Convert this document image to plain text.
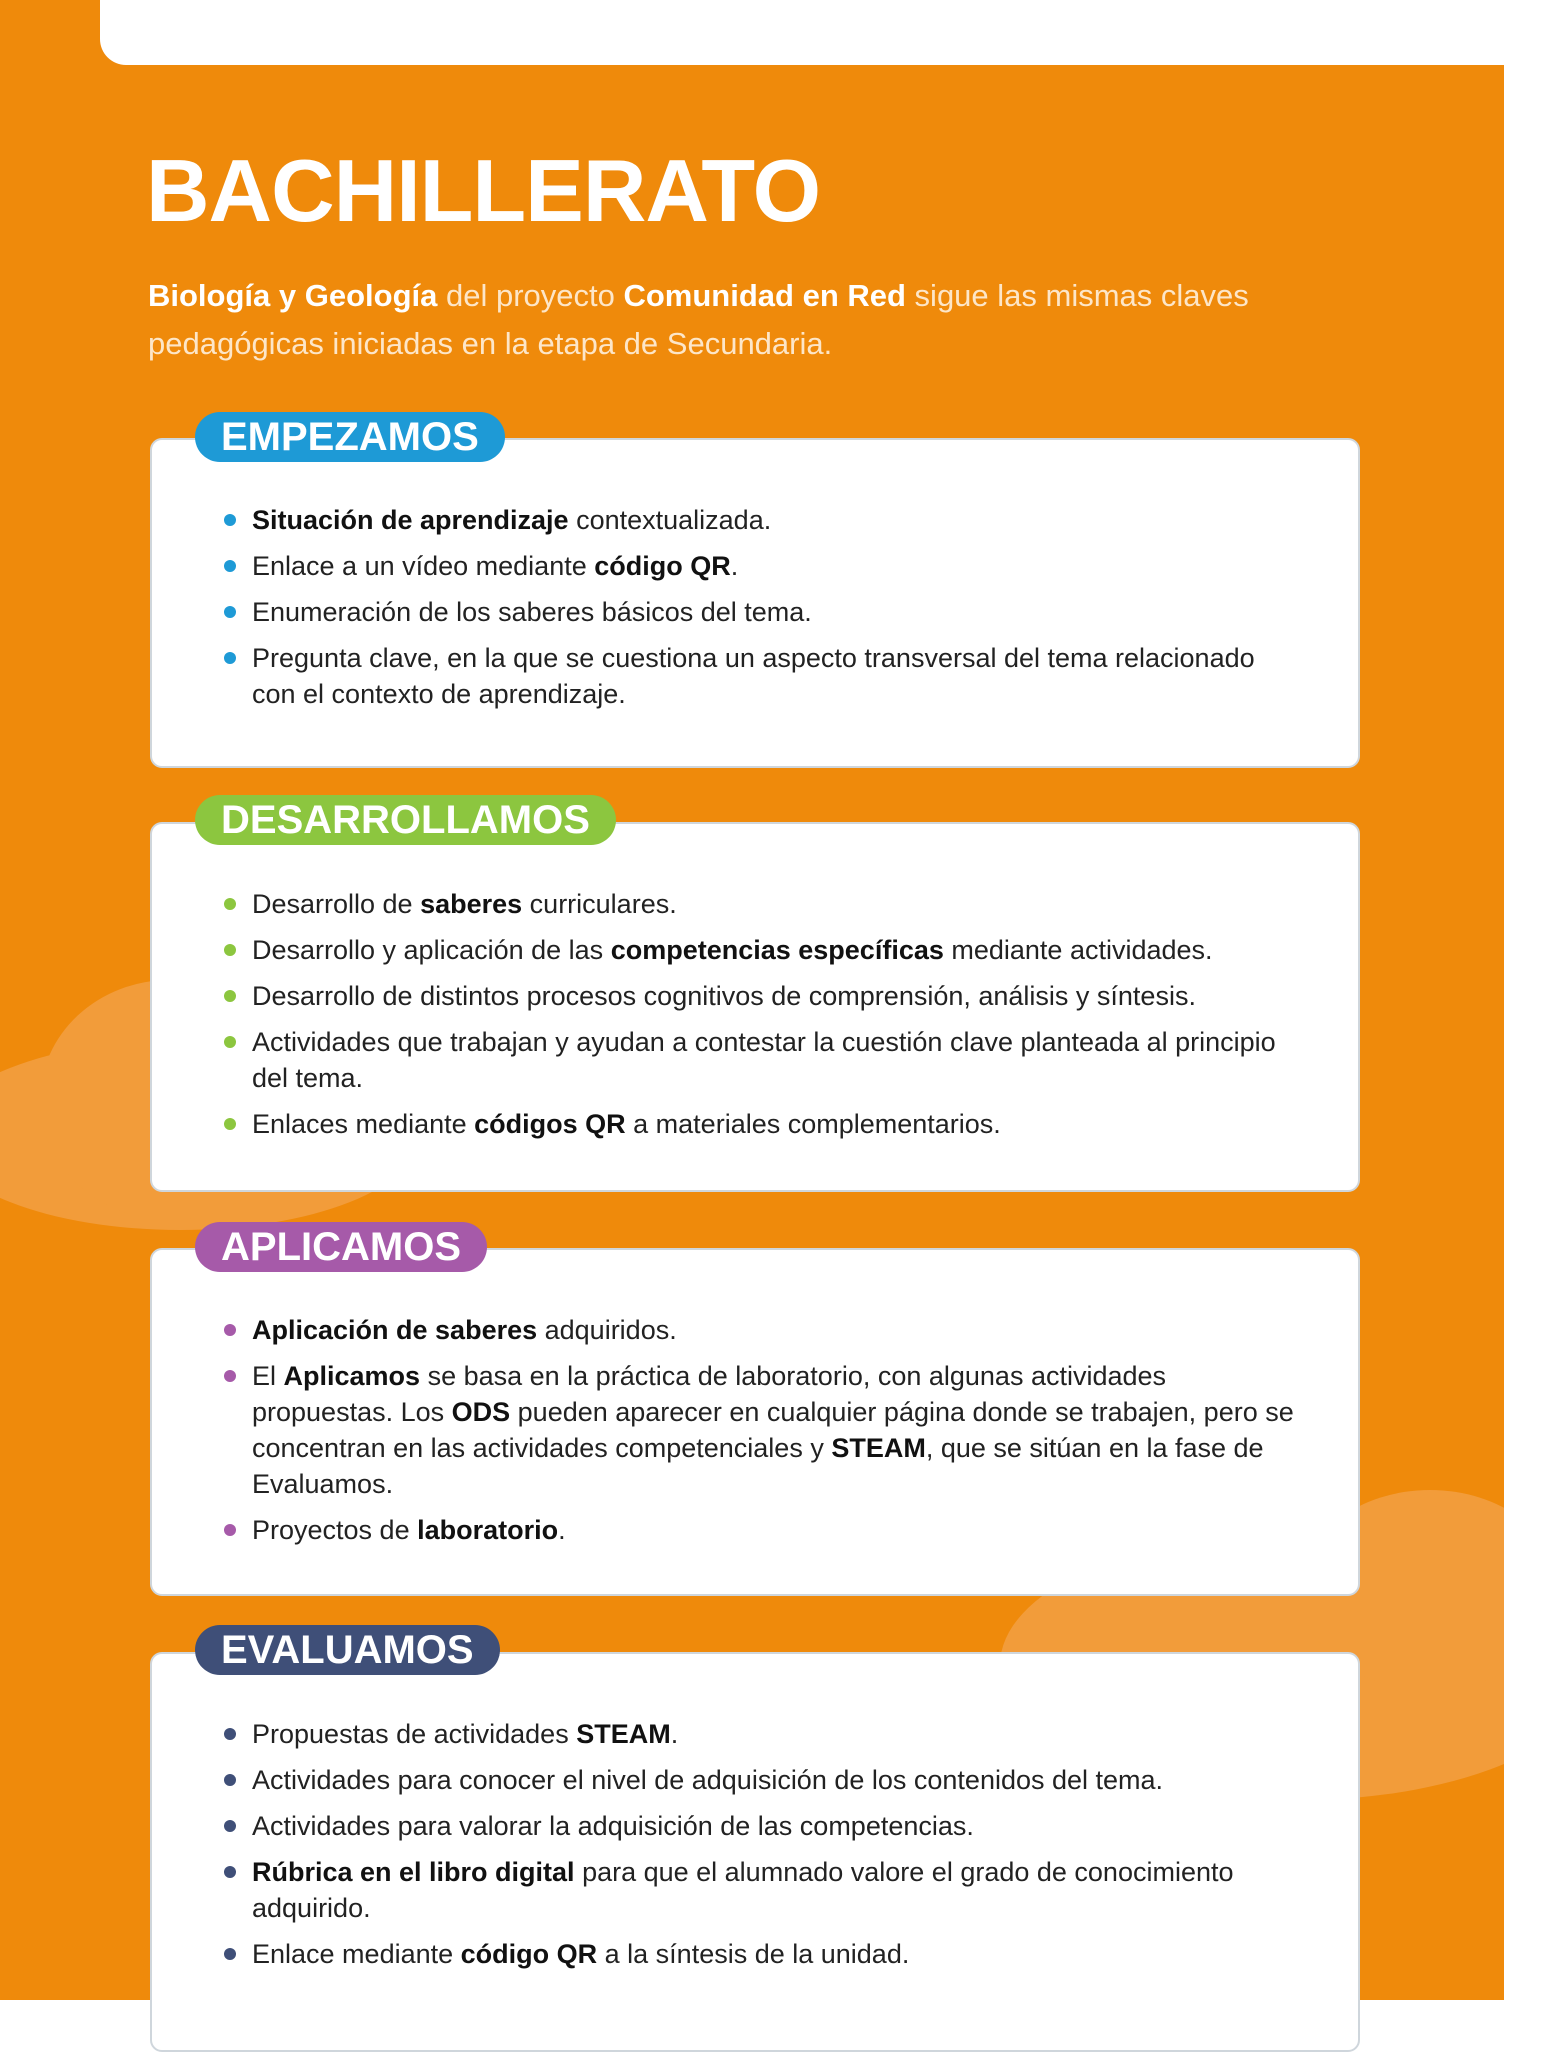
BACHILLERATO
Biología y Geología del proyecto Comunidad en Red sigue las mismas claves pedagógicas iniciadas en la etapa de Secundaria.
Situación de aprendizaje contextualizada.
Enlace a un vídeo mediante código QR.
Enumeración de los saberes básicos del tema.
Pregunta clave, en la que se cuestiona un aspecto transversal del tema relacionado con el contexto de aprendizaje.
EMPEZAMOS
Desarrollo de saberes curriculares.
Desarrollo y aplicación de las competencias específicas mediante actividades.
Desarrollo de distintos procesos cognitivos de comprensión, análisis y síntesis.
Actividades que trabajan y ayudan a contestar la cuestión clave planteada al principio del tema.
Enlaces mediante códigos QR a materiales complementarios.
DESARROLLAMOS
Aplicación de saberes adquiridos.
El Aplicamos se basa en la práctica de laboratorio, con algunas actividades propuestas. Los ODS pueden aparecer en cualquier página donde se trabajen, pero se concentran en las actividades competenciales y STEAM, que se sitúan en la fase de Evaluamos.
Proyectos de laboratorio.
APLICAMOS
Propuestas de actividades STEAM.
Actividades para conocer el nivel de adquisición de los contenidos del tema.
Actividades para valorar la adquisición de las competencias.
Rúbrica en el libro digital para que el alumnado valore el grado de conocimiento adquirido.
Enlace mediante código QR a la síntesis de la unidad.
EVALUAMOS
